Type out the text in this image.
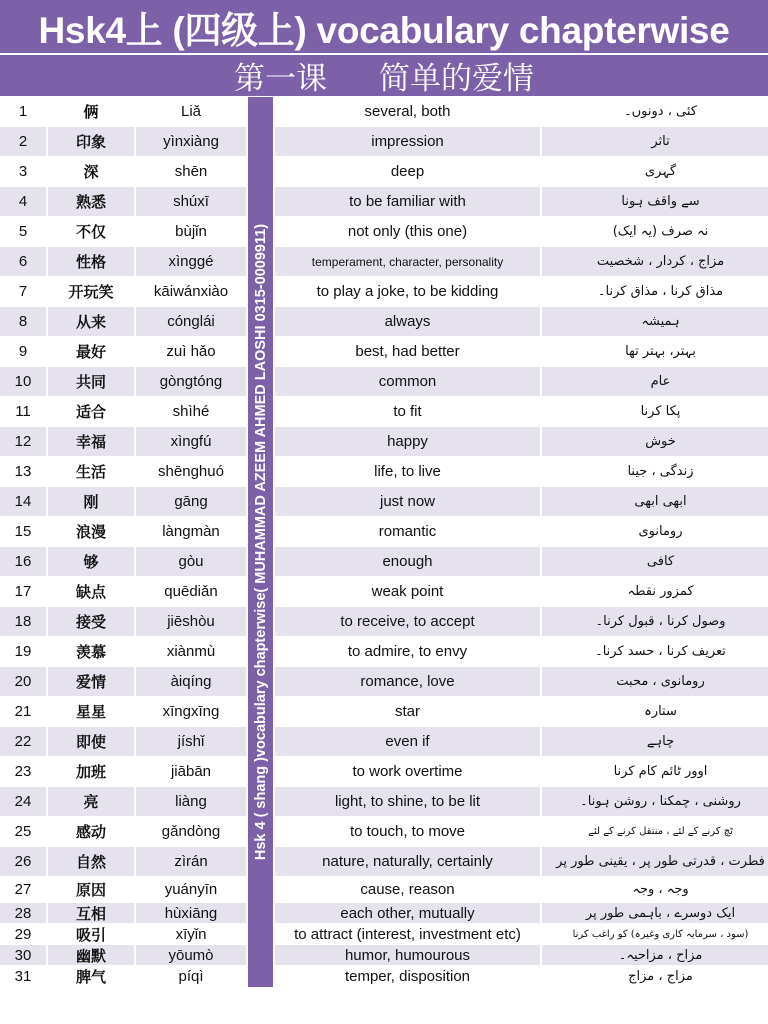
Hsk4上 (四级上) vocabulary chapterwise
第一课 简单的爱情
Hsk 4 ( shang )vocabulary chapterwise( MUHAMMAD AZEEM AHMED LAOSHI 0315-0009911)
1	俩	Liǎ	several, both	کئی ، دونوں۔
2	印象	yìnxiàng	impression	تاثر
3	深	shēn	deep	گہری
4	熟悉	shúxī	to be familiar with	سے واقف ہونا
5	不仅	bùjǐn	not only (this one)	نہ صرف (یہ ایک)
6	性格	xìnggé	temperament, character, personality	مزاج ، کردار ، شخصیت
7	开玩笑	kāiwánxiào	to play a joke, to be kidding	مذاق کرنا ، مذاق کرنا۔
8	从来	cónglái	always	ہمیشہ
9	最好	zuì hǎo	best, had better	بہتر، بہتر تھا
10	共同	gòngtóng	common	عام
11	适合	shìhé	to fit	پکا کرنا
12	幸福	xìngfú	happy	خوش
13	生活	shēnghuó	life, to live	زندگی ، جینا
14	刚	gāng	just now	ابھی ابھی
15	浪漫	làngmàn	romantic	رومانوی
16	够	gòu	enough	کافی
17	缺点	quēdiǎn	weak point	کمزور نقطہ
18	接受	jiēshòu	to receive, to accept	وصول کرنا ، قبول کرنا۔
19	羡慕	xiànmù	to admire, to envy	تعریف کرنا ، حسد کرنا۔
20	爱情	àiqíng	romance, love	رومانوی ، محبت
21	星星	xīngxīng	star	ستارہ
22	即使	jíshǐ	even if	چاہے
23	加班	jiābān	to work overtime	اوور ٹائم کام کرنا
24	亮	liàng	light, to shine, to be lit	روشنی ، چمکنا ، روشن ہونا۔
25	感动	gǎndòng	to touch, to move	ٹچ کرنے کے لئے ، منتقل کرنے کے لئے
26	自然	zìrán	nature, naturally, certainly	فطرت ، قدرتی طور پر ، یقینی طور پر
27	原因	yuányīn	cause, reason	وجہ ، وجہ
28	互相	hùxiāng	each other, mutually	ایک دوسرے ، باہمی طور پر
29	吸引	xīyǐn	to attract (interest, investment etc)	(سود ، سرمایہ کاری وغیرہ) کو راغب کرنا
30	幽默	yōumò	humor, humourous	مزاح ، مزاحیہ۔
31	脾气	píqì	temper, disposition	مزاج ، مزاج
